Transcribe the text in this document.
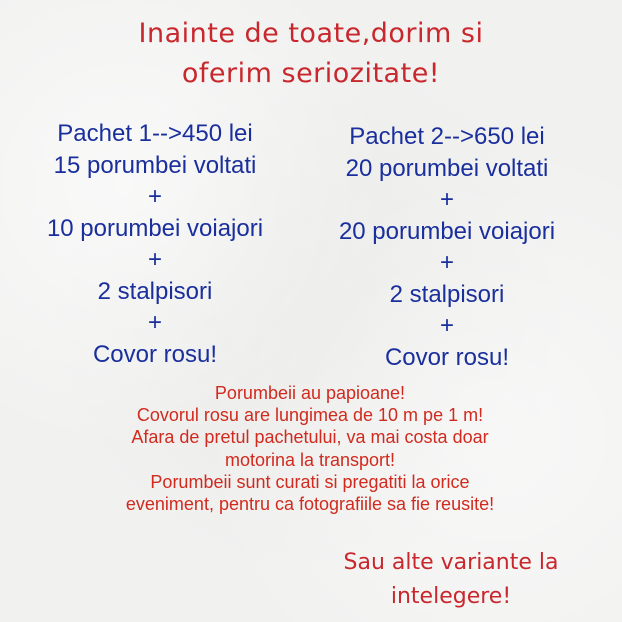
Inainte de toate,dorim si
oferim seriozitate!
Pachet 1-->450 lei
15 porumbei voltati
+
10 porumbei voiajori
+
2 stalpisori
+
Covor rosu!
Pachet 2-->650 lei
20 porumbei voltati
+
20 porumbei voiajori
+
2 stalpisori
+
Covor rosu!
Porumbeii au papioane!
Covorul rosu are lungimea de 10 m pe 1 m!
Afara de pretul pachetului, va mai costa doar
motorina la transport!
Porumbeii sunt curati si pregatiti la orice
eveniment, pentru ca fotografiile sa fie reusite!
Sau alte variante la
intelegere!
